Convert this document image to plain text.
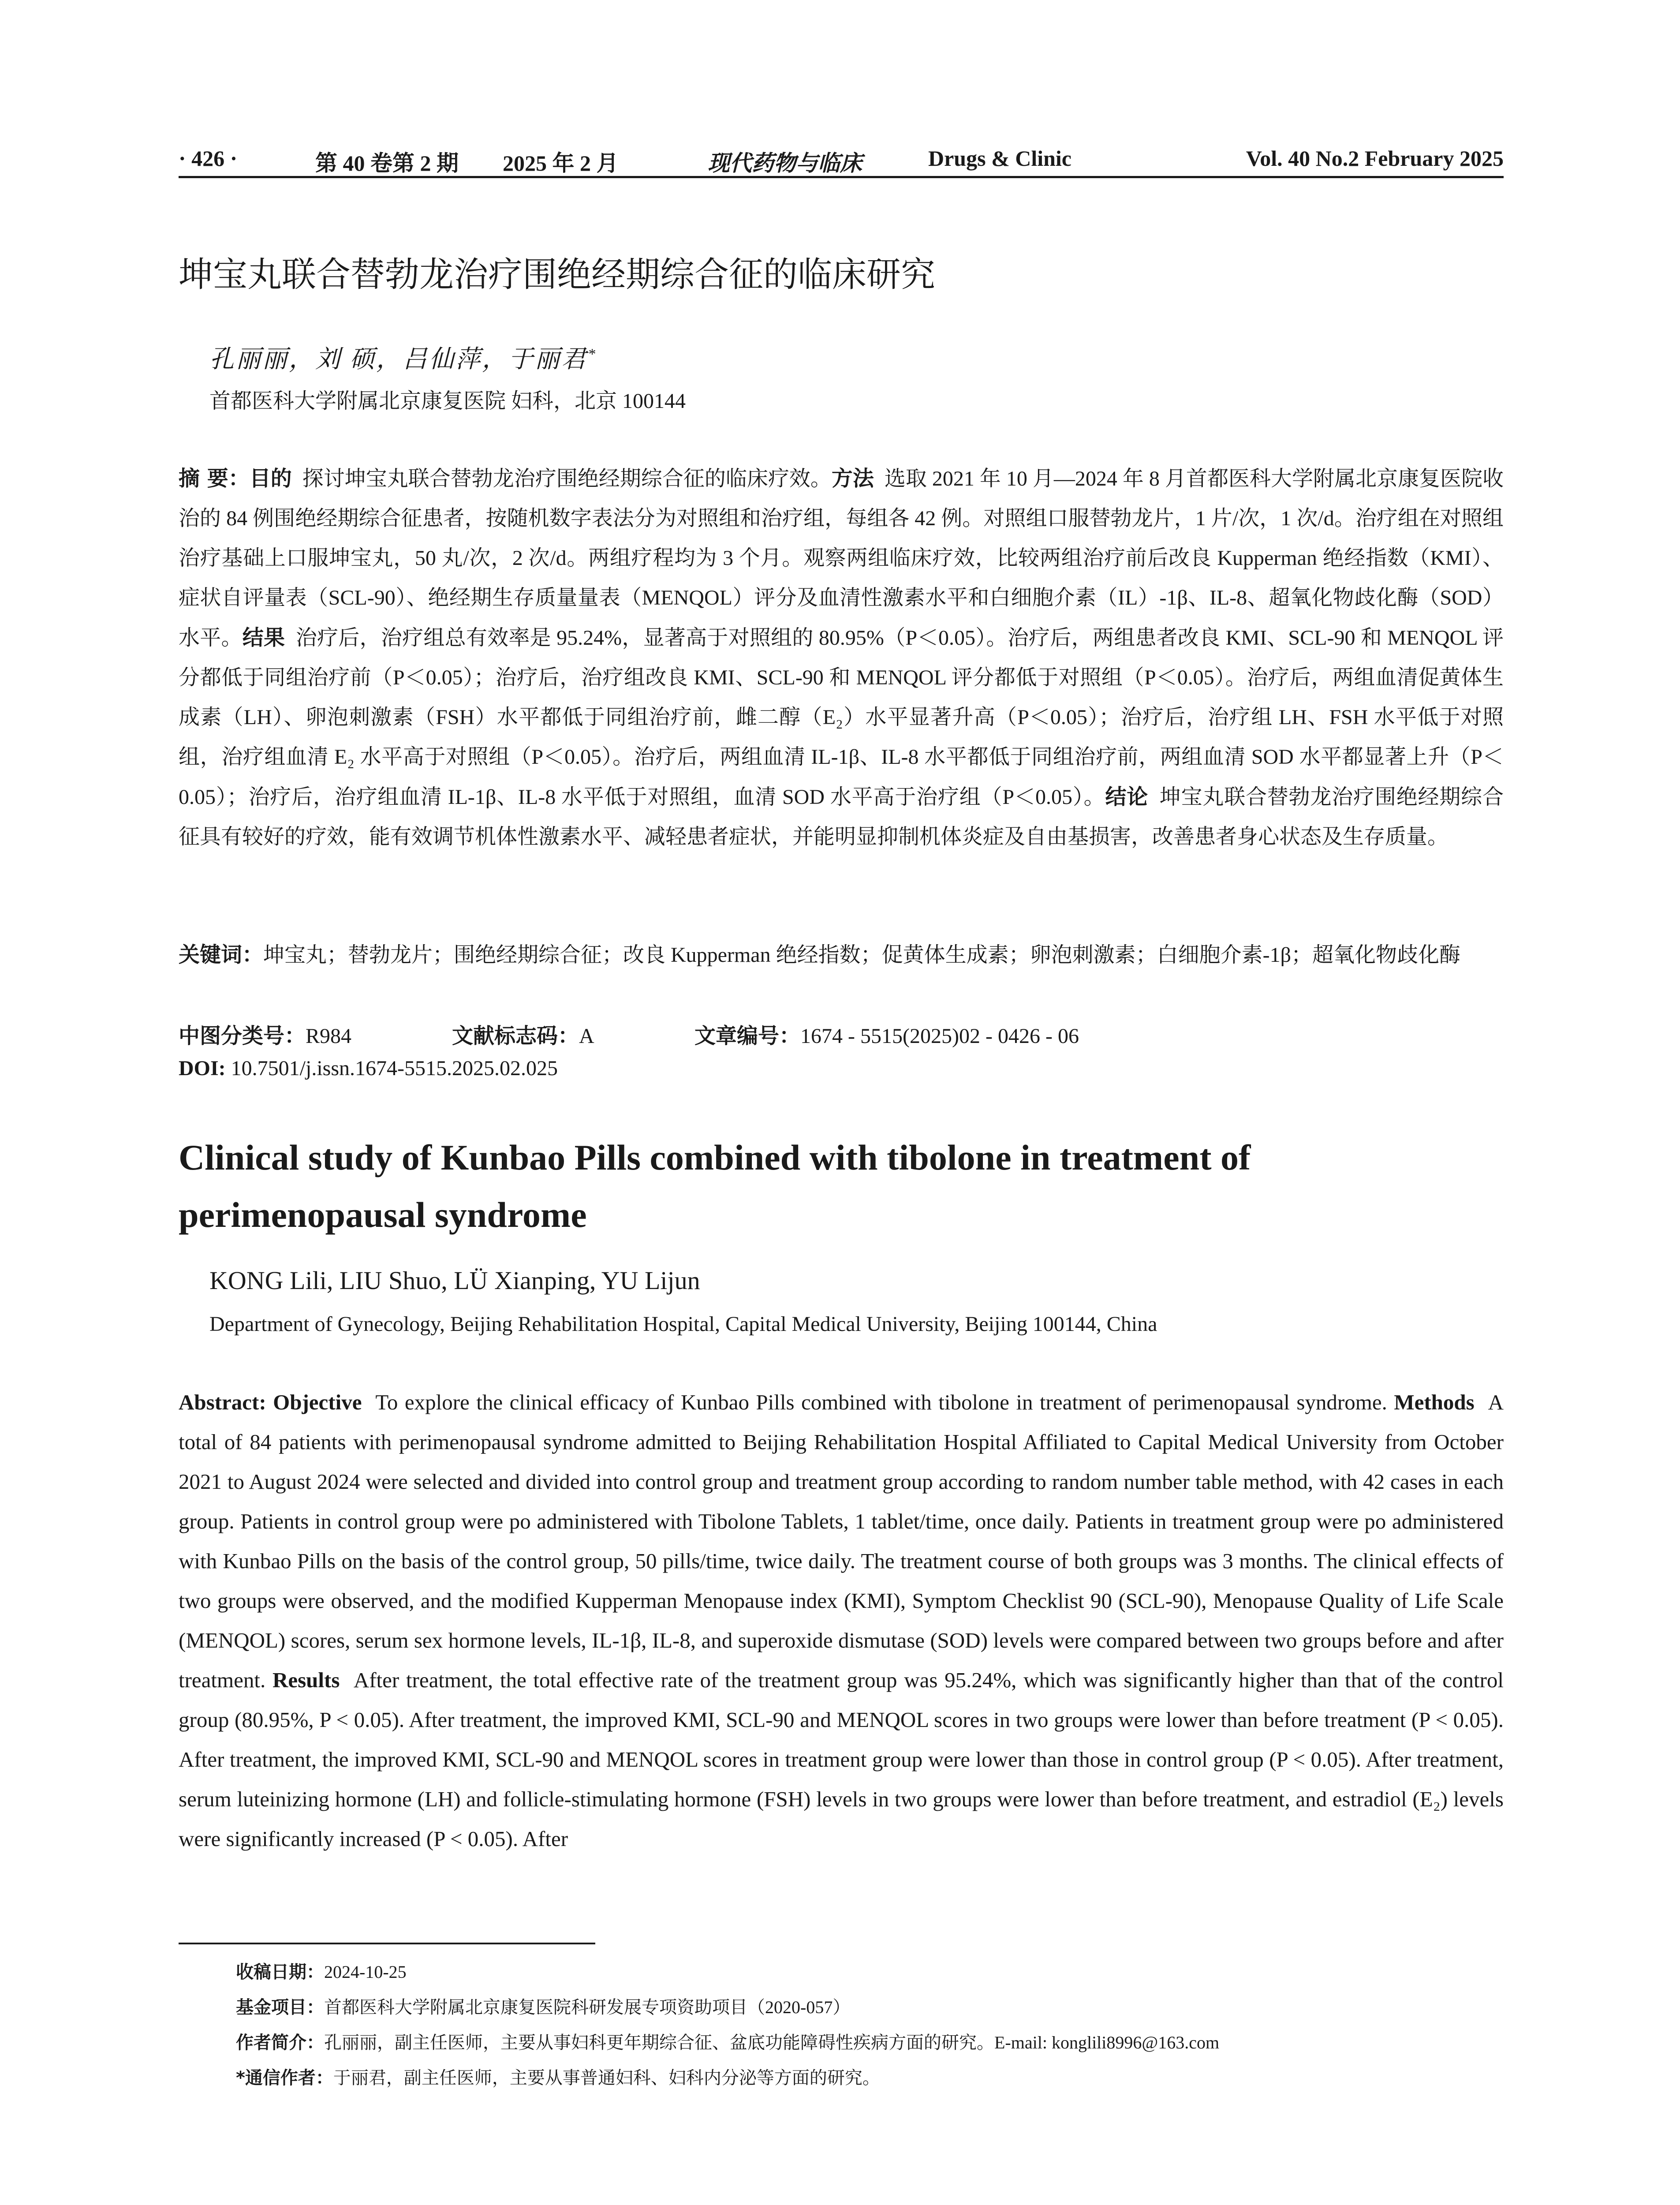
· 426 ·	第 40 卷第 2 期 2025 年 2 月	现代药物与临床	Drugs & Clinic	Vol. 40 No.2 February 2025
坤宝丸联合替勃龙治疗围绝经期综合征的临床研究
孔丽丽，刘 硕，吕仙萍，于丽君*
首都医科大学附属北京康复医院 妇科，北京 100144
摘 要：目的 探讨坤宝丸联合替勃龙治疗围绝经期综合征的临床疗效。方法 选取 2021 年 10 月—2024 年 8 月首都医科大学附属北京康复医院收治的 84 例围绝经期综合征患者，按随机数字表法分为对照组和治疗组，每组各 42 例。对照组口服替勃龙片，1 片/次，1 次/d。治疗组在对照组治疗基础上口服坤宝丸，50 丸/次，2 次/d。两组疗程均为 3 个月。观察两组临床疗效，比较两组治疗前后改良 Kupperman 绝经指数（KMI）、症状自评量表（SCL-90）、绝经期生存质量量表（MENQOL）评分及血清性激素水平和白细胞介素（IL）-1β、IL-8、超氧化物歧化酶（SOD）水平。结果 治疗后，治疗组总有效率是 95.24%，显著高于对照组的 80.95%（P＜0.05）。治疗后，两组患者改良 KMI、SCL-90 和 MENQOL 评分都低于同组治疗前（P＜0.05）；治疗后，治疗组改良 KMI、SCL-90 和 MENQOL 评分都低于对照组（P＜0.05）。治疗后，两组血清促黄体生成素（LH）、卵泡刺激素（FSH）水平都低于同组治疗前，雌二醇（E₂）水平显著升高（P＜0.05）；治疗后，治疗组 LH、FSH 水平低于对照组，治疗组血清 E₂ 水平高于对照组（P＜0.05）。治疗后，两组血清 IL-1β、IL-8 水平都低于同组治疗前，两组血清 SOD 水平都显著上升（P＜0.05）；治疗后，治疗组血清 IL-1β、IL-8 水平低于对照组，血清 SOD 水平高于治疗组（P＜0.05）。结论 坤宝丸联合替勃龙治疗围绝经期综合征具有较好的疗效，能有效调节机体性激素水平、减轻患者症状，并能明显抑制机体炎症及自由基损害，改善患者身心状态及生存质量。
关键词：坤宝丸；替勃龙片；围绝经期综合征；改良 Kupperman 绝经指数；促黄体生成素；卵泡刺激素；白细胞介素-1β；超氧化物歧化酶
中图分类号：R984	文献标志码：A	文章编号：1674 - 5515(2025)02 - 0426 - 06
DOI: 10.7501/j.issn.1674-5515.2025.02.025
Clinical study of Kunbao Pills combined with tibolone in treatment of perimenopausal syndrome
KONG Lili, LIU Shuo, LÜ Xianping, YU Lijun
Department of Gynecology, Beijing Rehabilitation Hospital, Capital Medical University, Beijing 100144, China
Abstract: Objective To explore the clinical efficacy of Kunbao Pills combined with tibolone in treatment of perimenopausal syndrome. Methods A total of 84 patients with perimenopausal syndrome admitted to Beijing Rehabilitation Hospital Affiliated to Capital Medical University from October 2021 to August 2024 were selected and divided into control group and treatment group according to random number table method, with 42 cases in each group. Patients in control group were po administered with Tibolone Tablets, 1 tablet/time, once daily. Patients in treatment group were po administered with Kunbao Pills on the basis of the control group, 50 pills/time, twice daily. The treatment course of both groups was 3 months. The clinical effects of two groups were observed, and the modified Kupperman Menopause index (KMI), Symptom Checklist 90 (SCL-90), Menopause Quality of Life Scale (MENQOL) scores, serum sex hormone levels, IL-1β, IL-8, and superoxide dismutase (SOD) levels were compared between two groups before and after treatment. Results After treatment, the total effective rate of the treatment group was 95.24%, which was significantly higher than that of the control group (80.95%, P < 0.05). After treatment, the improved KMI, SCL-90 and MENQOL scores in two groups were lower than before treatment (P < 0.05). After treatment, the improved KMI, SCL-90 and MENQOL scores in treatment group were lower than those in control group (P < 0.05). After treatment, serum luteinizing hormone (LH) and follicle-stimulating hormone (FSH) levels in two groups were lower than before treatment, and estradiol (E₂) levels were significantly increased (P < 0.05). After
收稿日期：2024-10-25
基金项目：首都医科大学附属北京康复医院科研发展专项资助项目（2020-057）
作者简介：孔丽丽，副主任医师，主要从事妇科更年期综合征、盆底功能障碍性疾病方面的研究。E-mail: konglili8996@163.com
*通信作者：于丽君，副主任医师，主要从事普通妇科、妇科内分泌等方面的研究。
